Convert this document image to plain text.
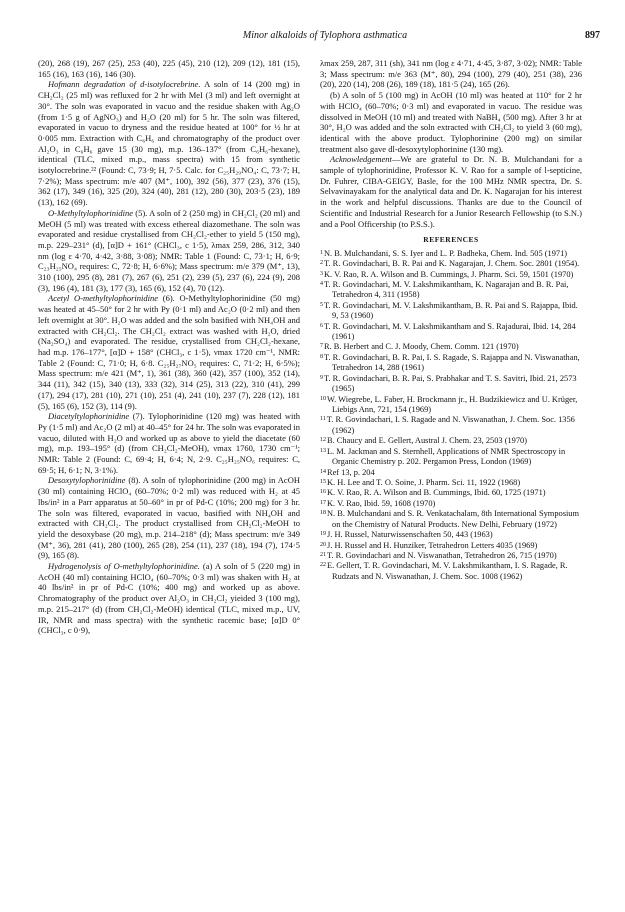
Minor alkaloids of Tylophora asthmatica	897

(20), 268 (19), 267 (25), 253 (40), 225 (45), 210 (12), 209 (12), 181 (15), 165 (16), 163 (16), 146 (30).

Hofmann degradation of d-isotylocrebrine. A soln of 14 (200 mg) in CH₂Cl₂ (25 ml) was refluxed for 2 hr with MeI (3 ml) and left overnight at 30°. The soln was evaporated in vacuo and the residue shaken with Ag₂O (from 1·5 g of AgNO₃) and H₂O (20 ml) for 5 hr. The soln was filtered, evaporated in vacuo to dryness and the residue heated at 100° for ½ hr at 0·005 mm. Extraction with C₆H₆ and chromatography of the product over Al₂O₃ in C₆H₆ gave 15 (30 mg), m.p. 136–137° (from C₆H₆-hexane), identical (TLC, mixed m.p., mass spectra) with 15 from synthetic isotylocrebrine.²² (Found: C, 73·9; H, 7·5. Calc. for C₂₅H₂₉NO₄: C, 73·7; H, 7·2%); Mass spectrum: m/e 407 (M⁺, 100), 392 (56), 377 (23), 376 (15), 362 (17), 349 (16), 325 (20), 324 (40), 281 (12), 280 (30), 203·5 (23), 189 (13), 162 (69).

O-Methyltylophorinidine (5). A soln of 2 (250 mg) in CH₂Cl₂ (20 ml) and MeOH (5 ml) was treated with excess ethereal diazomethane. The soln was evaporated and residue crystallised from CH₂Cl₂-ether to yield 5 (150 mg), m.p. 229–231° (d), [α]D + 161° (CHCl₃, c 1·5), λmax 259, 286, 312, 340 nm (log ε 4·70, 4·42, 3·88, 3·08); NMR: Table 1 (Found: C, 73·1; H, 6·9; C₂₃H₂₅NO₄ requires: C, 72·8; H, 6·6%); Mass spectrum: m/e 379 (M⁺, 13), 310 (100), 295 (8), 281 (7), 267 (6), 251 (2), 239 (5), 237 (6), 224 (9), 208 (3), 196 (4), 181 (3), 177 (3), 165 (6), 152 (4), 70 (12).

Acetyl O-methyltylophorinidine (6). O-Methyltylophorinidine (50 mg) was heated at 45–50° for 2 hr with Py (0·1 ml) and Ac₂O (0·2 ml) and then left overnight at 30°. H₂O was added and the soln basified with NH₄OH and extracted with CH₂Cl₂. The CH₂Cl₂ extract was washed with H₂O, dried (Na₂SO₄) and evaporated. The residue, crystallised from CH₂Cl₂-hexane, had m.p. 176–177°, [α]D + 158° (CHCl₃, c 1·5), νmax 1720 cm⁻¹, NMR: Table 2 (Found: C, 71·0; H, 6·8. C₂₅H₂₇NO₅ requires: C, 71·2; H, 6·5%); Mass spectrum: m/e 421 (M⁺, 1), 361 (38), 360 (42), 357 (100), 352 (14), 344 (11), 342 (15), 340 (13), 333 (32), 314 (25), 313 (22), 310 (41), 299 (17), 294 (17), 281 (10), 271 (10), 251 (4), 241 (10), 237 (7), 228 (12), 181 (5), 165 (6), 152 (3), 114 (9).

Diacetyltylophorinidine (7). Tylophorinidine (120 mg) was heated with Py (1·5 ml) and Ac₂O (2 ml) at 40–45° for 24 hr. The soln was evaporated in vacuo, diluted with H₂O and worked up as above to yield the diacetate (60 mg), m.p. 193–195° (d) (from CH₂Cl₂-MeOH), νmax 1760, 1730 cm⁻¹; NMR: Table 2 (Found: C, 69·4; H, 6·4; N, 2·9. C₂₅H₂₅NO₆ requires: C, 69·5; H, 6·1; N, 3·1%).

Desoxytylophorinidine (8). A soln of tylophorinidine (200 mg) in AcOH (30 ml) containing HClO₄ (60–70%; 0·2 ml) was reduced with H₂ at 45 lbs/in² in a Parr apparatus at 50–60° in pr of Pd-C (10%; 200 mg) for 3 hr. The soln was filtered, evaporated in vacuo, basified with NH₄OH and extracted with CH₂Cl₂. The product crystallised from CH₂Cl₂-MeOH to yield the desoxybase (20 mg), m.p. 214–218° (d); Mass spectrum: m/e 349 (M⁺, 36), 281 (41), 280 (100), 265 (28), 254 (11), 237 (18), 194 (7), 174·5 (9), 165 (8).

Hydrogenolysis of O-methyltylophorinidine. (a) A soln of 5 (220 mg) in AcOH (40 ml) containing HClO₄ (60–70%; 0·3 ml) was shaken with H₂ at 40 lbs/in² in pr of Pd-C (10%; 400 mg) and worked up as above. Chromatography of the product over Al₂O₃ in CH₂Cl₂ yieided 3 (100 mg), m.p. 215–217° (d) (from CH₂Cl₂-MeOH) identical (TLC, mixed m.p., UV, IR, NMR and mass spectra) with the synthetic racemic base; [α]D 0° (CHCl₃, c 0·9),

λmax 259, 287, 311 (sh), 341 nm (log ε 4·71, 4·45, 3·87, 3·02); NMR: Table 3; Mass spectrum: m/e 363 (M⁺, 80), 294 (100), 279 (40), 251 (38), 236 (20), 220 (14), 208 (26), 189 (18), 181·5 (24), 165 (26).

(b) A soln of 5 (100 mg) in AcOH (10 ml) was heated at 110° for 2 hr with HClO₄ (60–70%; 0·3 ml) and evaporated in vacuo. The residue was dissolved in MeOH (10 ml) and treated with NaBH₄ (500 mg). After 3 hr at 30°, H₂O was added and the soln extracted with CH₂Cl₂ to yield 3 (60 mg), identical with the above product. Tylophorinine (200 mg) on similar treatment also gave dl-desoxytylophorinine (130 mg).

Acknowledgement—We are grateful to Dr. N. B. Mulchandani for a sample of tylophorinidine, Professor K. V. Rao for a sample of l-septicine, Dr. Fuhrer, CIBA-GEIGY, Basle, for the 100 MHz NMR spectra, Dr. S. Selvavinayakam for the analytical data and Dr. K. Nagarajan for his interest in the work and helpful discussions. Thanks are due to the Council of Scientific and Industrial Research for a Junior Research Fellowship (to S.N.) and a Pool Officership (to P.S.S.).

REFERENCES
$^1$N. B. Mulchandani, S. S. Iyer and L. P. Badheka, Chem. Ind. 505 (1971)
$^2$T. R. Govindachari, B. R. Pai and K. Nagarajan, J. Chem. Soc. 2801 (1954).
$^3$K. V. Rao, R. A. Wilson and B. Cummings, J. Pharm. Sci. 59, 1501 (1970)
$^4$T. R. Govindachari, M. V. Lakshmikantham, K. Nagarajan and B. R. Pai, Tetrahedron 4, 311 (1958)
$^5$T. R. Govindachari, M. V. Lakshmikantham, B. R. Pai and S. Rajappa, Ibid. 9, 53 (1960)
$^6$T. R. Govindachari, M. V. Lakshmikantham and S. Rajadurai, Ibid. 14, 284 (1961)
$^7$R. B. Herbert and C. J. Moody, Chem. Comm. 121 (1970)
$^8$T. R. Govindachari, B. R. Pai, I. S. Ragade, S. Rajappa and N. Viswanathan, Tetrahedron 14, 288 (1961)
$^9$T. R. Govindachari, B. R. Pai, S. Prabhakar and T. S. Savitri, Ibid. 21, 2573 (1965)
$^{10}$W. Wiegrebe, L. Faber, H. Brockmann jr., H. Budzikiewicz and U. Krüger, Liebigs Ann, 721, 154 (1969)
$^{11}$T. R. Govindachari, I. S. Ragade and N. Viswanathan, J. Chem. Soc. 1356 (1962)
$^{12}$B. Chaucy and E. Gellert, Austral J. Chem. 23, 2503 (1970)
$^{13}$L. M. Jackman and S. Sternhell, Applications of NMR Spectroscopy in Organic Chemistry p. 202. Pergamon Press, London (1969)
$^{14}$Ref 13, p. 204
$^{15}$K. H. Lee and T. O. Soine, J. Pharm. Sci. 11, 1922 (1968)
$^{16}$K. V. Rao, R. A. Wilson and B. Cummings, Ibid. 60, 1725 (1971)
$^{17}$K. V. Rao, Ibid. 59, 1608 (1970)
$^{18}$N. B. Mulchandani and S. R. Venkatachalam, 8th International Symposium on the Chemistry of Natural Products. New Delhi, February (1972)
$^{19}$J. H. Russel, Naturwissenschaften 50, 443 (1963)
$^{20}$J. H. Russel and H. Hunziker, Tetrahedron Letters 4035 (1969)
$^{21}$T. R. Govindachari and N. Viswanathan, Tetrahedron 26, 715 (1970)
$^{22}$E. Gellert, T. R. Govindachari, M. V. Lakshmikantham, I. S. Ragade, R. Rudzats and N. Viswanathan, J. Chem. Soc. 1008 (1962)
